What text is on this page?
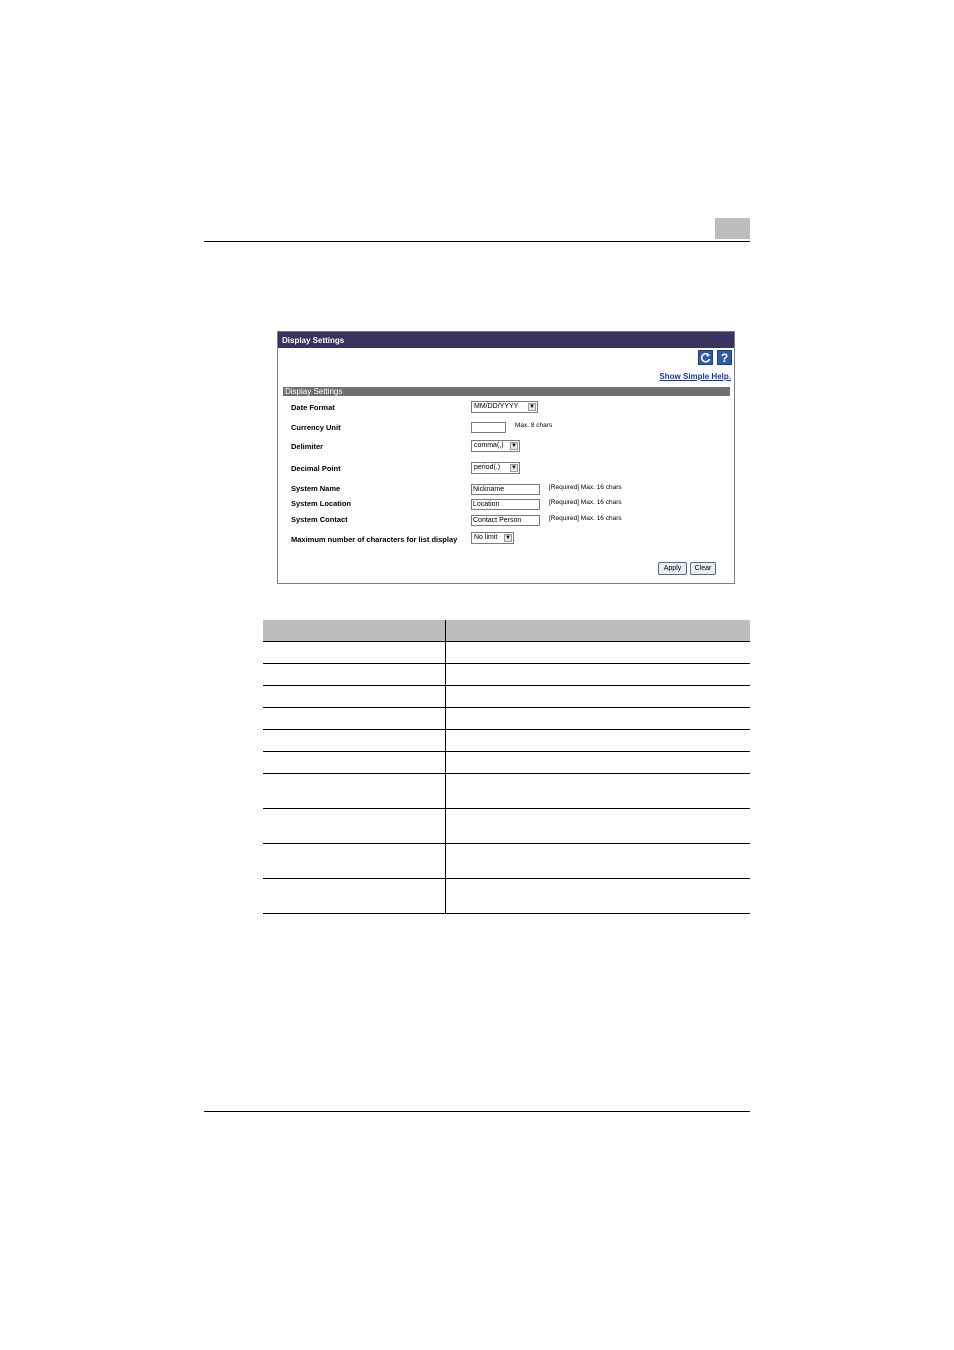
Display Settings
?
Show Simple Help.
Display Settings
Date Format	MM/DD/YYYY ▼
Currency Unit	Max. 8 chars
Delimiter	comma(,) ▼
Decimal Point	period(.) ▼
System Name	Nickname	[Required] Max. 16 chars
System Location	Location	[Required] Max. 16 chars
System Contact	Contact Person	[Required] Max. 16 chars
Maximum number of characters for list display	No limit ▼
Apply	Clear
